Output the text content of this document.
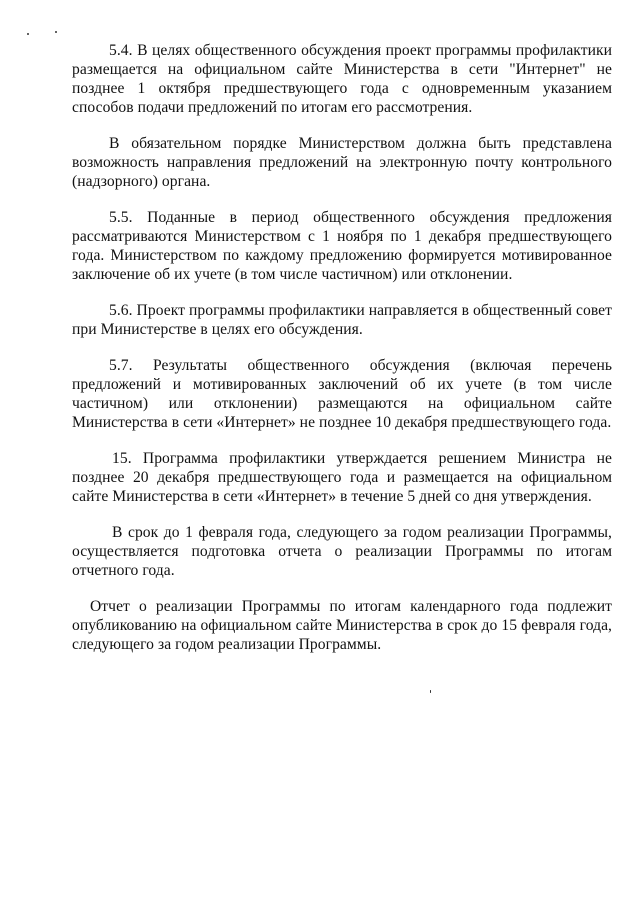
5.4. В целях общественного обсуждения проект программы профилактики размещается на официальном сайте Министерства в сети "Интернет" не позднее 1 октября предшествующего года с одновременным указанием способов подачи предложений по итогам его рассмотрения.

В обязательном порядке Министерством должна быть представлена возможность направления предложений на электронную почту контрольного (надзорного) органа.

5.5. Поданные в период общественного обсуждения предложения рассматриваются Министерством с 1 ноября по 1 декабря предшествующего года. Министерством по каждому предложению формируется мотивированное заключение об их учете (в том числе частичном) или отклонении.

5.6. Проект программы профилактики направляется в общественный совет при Министерстве в целях его обсуждения.

5.7. Результаты общественного обсуждения (включая перечень предложений и мотивированных заключений об их учете (в том числе частичном) или отклонении) размещаются на официальном сайте Министерства в сети «Интернет» не позднее 10 декабря предшествующего года.

15. Программа профилактики утверждается решением Министра не позднее 20 декабря предшествующего года и размещается на официальном сайте Министерства в сети «Интернет» в течение 5 дней со дня утверждения.

В срок до 1 февраля года, следующего за годом реализации Программы, осуществляется подготовка отчета о реализации Программы по итогам отчетного года.

Отчет о реализации Программы по итогам календарного года подлежит опубликованию на официальном сайте Министерства в срок до 15 февраля года, следующего за годом реализации Программы.
